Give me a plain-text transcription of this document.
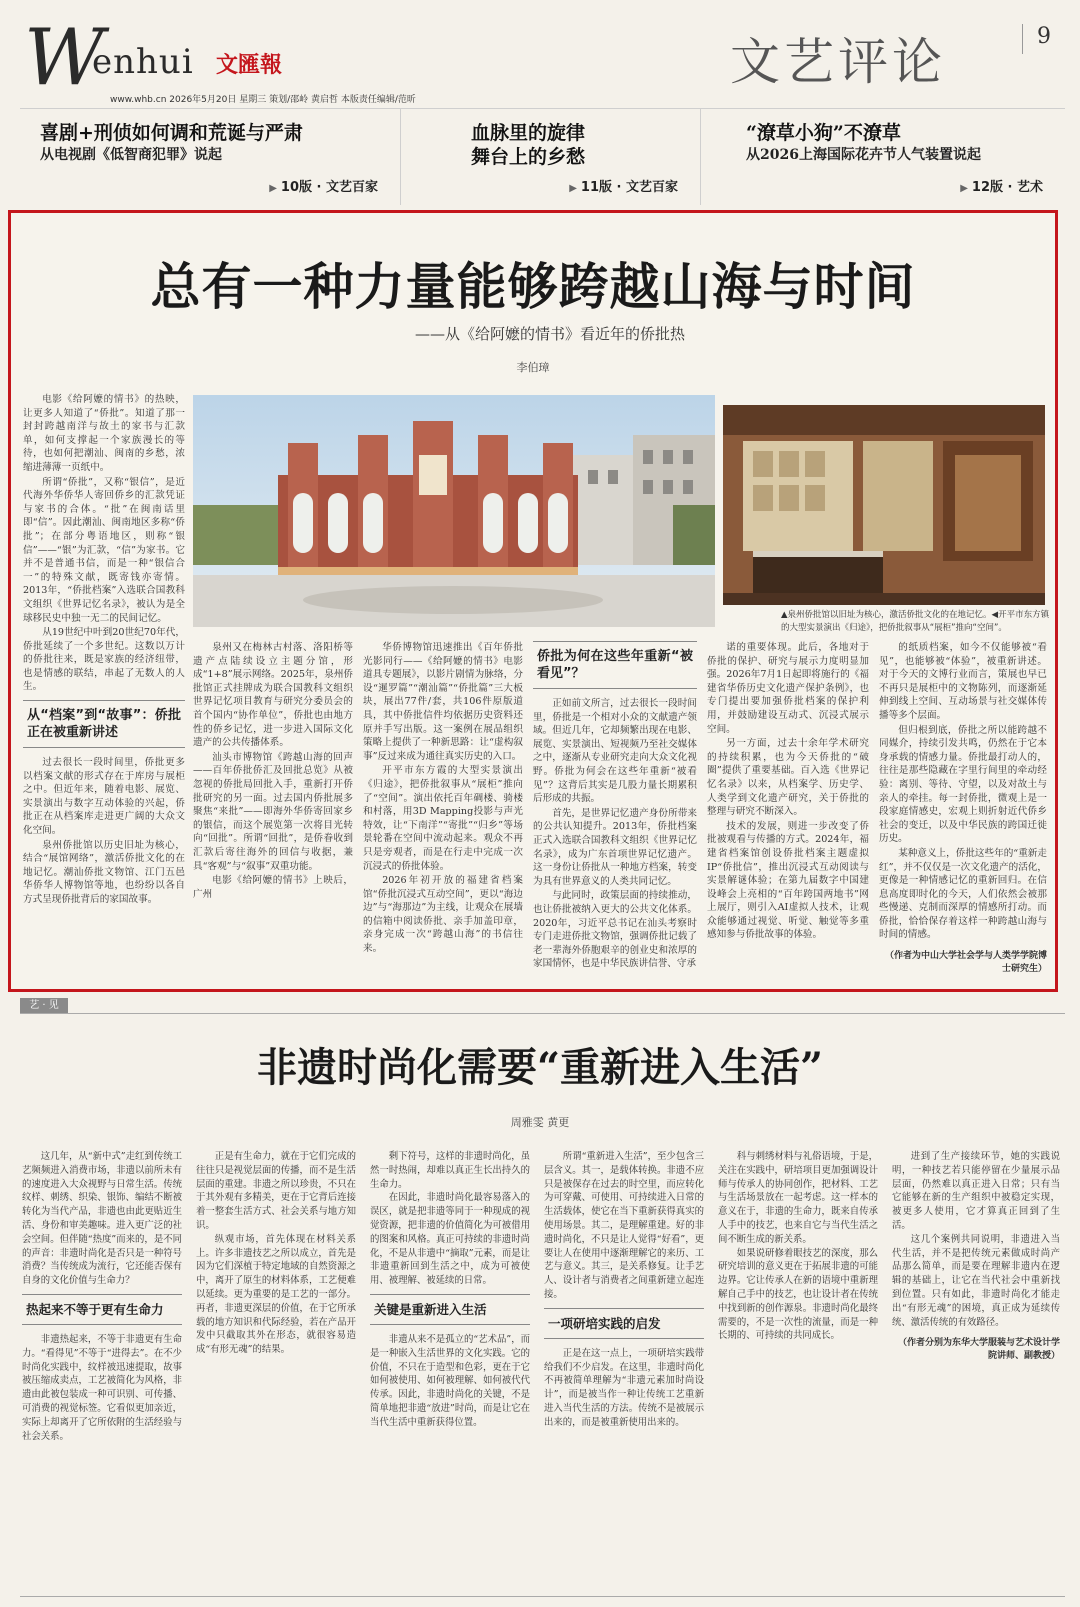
W
enhui 文匯報
www.whb.cn 2026年5月20日 星期三 策划/邵岭 黄启哲 本版责任编辑/范昕
文艺评论	9
喜剧+刑侦如何调和荒诞与严肃
从电视剧《低智商犯罪》说起
▶ 10版 · 文艺百家
血脉里的旋律
舞台上的乡愁
▶ 11版 · 文艺百家
“潦草小狗”不潦草
从2026上海国际花卉节人气装置说起
▶ 12版 · 艺术
总有一种力量能够跨越山海与时间
——从《给阿嬷的情书》看近年的侨批热
李伯璋

电影《给阿嬷的情书》的热映，让更多人知道了“侨批”。知道了那一封封跨越南洋与故土的家书与汇款单，如何支撑起一个家族漫长的等待，也如何把潮汕、闽南的乡愁，浓缩进薄薄一页纸中。

所谓“侨批”，又称“银信”，是近代海外华侨华人寄回侨乡的汇款凭证与家书的合体。“批”在闽南话里即“信”。因此潮汕、闽南地区多称“侨批”；在部分粤语地区，则称“银信”——“银”为汇款，“信”为家书。它并不是普通书信，而是一种“银信合一”的特殊文献，既寄钱亦寄情。2013年，“侨批档案”入选联合国教科文组织《世界记忆名录》，被认为是全球移民史中独一无二的民间记忆。

从19世纪中叶到20世纪70年代，侨批延续了一个多世纪。这数以万计的侨批往来，既是家族的经济纽带，也是情感的联结，串起了无数人的人生。

从“档案”到“故事”：侨批正在被重新讲述

过去很长一段时间里，侨批更多以档案文献的形式存在于库房与展柜之中。但近年来，随着电影、展览、实景演出与数字互动体验的兴起，侨批正在从档案库走进更广阔的大众文化空间。

泉州侨批馆以历史旧址为核心，结合“展馆网络”，激活侨批文化的在地记忆。潮汕侨批文物馆、江门五邑华侨华人博物馆等地，也纷纷以各自方式呈现侨批背后的家国故事。

▲泉州侨批馆以旧址为核心，激活侨批文化的在地记忆。◀开平市东方镇的大型实景演出《归途》，把侨批叙事从“展柜”推向“空间”。

泉州又在梅林古村落、洛阳桥等遗产点陆续设立主题分馆，形成“1+8”展示网络。2025年，泉州侨批馆正式挂牌成为联合国教科文组织世界记忆项目教育与研究分委员会的首个国内“协作单位”，侨批也由地方性的侨乡记忆，进一步进入国际文化遗产的公共传播体系。

汕头市博物馆《跨越山海的回声——百年侨批侨汇及回批总览》从被忽视的侨批局回批入手，重新打开侨批研究的另一面。过去国内侨批展多聚焦“来批”——即海外华侨寄回家乡的银信，而这个展览第一次将目光转向“回批”。所谓“回批”，是侨眷收到汇款后寄往海外的回信与收据，兼具“客观”与“叙事”双重功能。

电影《给阿嬷的情书》上映后，广州

华侨博物馆迅速推出《百年侨批 光影同行——《给阿嬷的情书》电影道具专题展》，以影片剧情为脉络，分设“暹罗篇”“潮汕篇”“侨批篇”三大板块，展出77件/套，共106件原版道具，其中侨批信件均依据历史资料还原并手写出版。这一案例在展品组织策略上提供了一种新思路：让“虚构叙事”反过来成为通往真实历史的入口。

开平市东方霞的大型实景演出《归途》，把侨批叙事从“展柜”推向了“空间”。演出依托百年碉楼、骑楼和村落，用3D Mapping投影与声光特效，让“下南洋”“寄批”“归乡”等场景轮番在空间中流动起来。观众不再只是旁观者，而是在行走中完成一次沉浸式的侨批体验。

2026年初开放的福建省档案馆“侨批沉浸式互动空间”，更以“海边边”与“海那边”为主线，让观众在展墙的信箱中阅读侨批、亲手加盖印章，亲身完成一次“跨越山海”的书信往来。

侨批为何在这些年重新“被看见”？

正如前文所言，过去很长一段时间里，侨批是一个相对小众的文献遗产领域。但近几年，它却频繁出现在电影、展览、实景演出、短视频乃至社交媒体之中，逐渐从专业研究走向大众文化视野。侨批为何会在这些年重新“被看见”？这背后其实是几股力量长期累积后形成的共振。

首先，是世界记忆遗产身份所带来的公共认知提升。2013年，侨批档案正式入选联合国教科文组织《世界记忆名录》，成为广东首项世界记忆遗产。这一身份让侨批从一种地方档案，转变为具有世界意义的人类共同记忆。

与此同时，政策层面的持续推动，也让侨批被纳入更大的公共文化体系。2020年，习近平总书记在汕头考察时专门走进侨批文物馆，强调侨批记载了老一辈海外侨胞艰辛的创业史和浓厚的家国情怀，也是中华民族讲信誉、守承

诺的重要体现。此后，各地对于侨批的保护、研究与展示力度明显加强。2026年7月1日起即将施行的《福建省华侨历史文化遗产保护条例》，也专门提出要加强侨批档案的保护利用，并鼓励建设互动式、沉浸式展示空间。

另一方面，过去十余年学术研究的持续积累，也为今天侨批的“破圈”提供了重要基础。百入选《世界记忆名录》以来，从档案学、历史学、人类学到文化遗产研究，关于侨批的整理与研究不断深入。

技术的发展，则进一步改变了侨批被观看与传播的方式。2024年，福建省档案馆创设侨批档案主题虚拟IP“侨批信”，推出沉浸式互动阅读与实景解谜体验；在第九届数字中国建设峰会上亮相的“百年跨国两地书”网上展厅，则引入AI虚拟人技术，让观众能够通过视觉、听觉、触觉等多重感知参与侨批故事的体验。

的纸质档案，如今不仅能够被“看见”，也能够被“体验”，被重新讲述。对于今天的文博行业而言，策展也早已不再只是展柜中的文物陈列，而逐渐延伸到线上空间、互动场景与社交媒体传播等多个层面。

但归根到底，侨批之所以能跨越不同媒介，持续引发共鸣，仍然在于它本身承载的情感力量。侨批最打动人的，往往是那些隐藏在字里行间里的牵动经验：离别、等待、守望，以及对故土与亲人的牵挂。每一封侨批，微观上是一段家庭情感史，宏观上则折射近代侨乡社会的变迁，以及中华民族的跨国迁徙历史。

某种意义上，侨批这些年的“重新走红”，并不仅仅是一次文化遗产的活化，更像是一种情感记忆的重新回归。在信息高度即时化的今天，人们依然会被那些慢递、克制而深厚的情感所打动。而侨批，恰恰保存着这样一种跨越山海与时间的情感。

（作者为中山大学社会学与人类学学院博士研究生）
艺 · 见
非遗时尚化需要“重新进入生活”
周雅雯 黄更

这几年，从“新中式”走红到传统工艺频频进入消费市场，非遗以前所未有的速度进入大众视野与日常生活。传统纹样、刺绣、织染、银饰、编结不断被转化为当代产品，非遗也由此更贴近生活、身份和审美趣味。进入更广泛的社会空间。但伴随“热度”而来的，是不同的声音：非遗时尚化是否只是一种符号消费？当传统成为流行，它还能否保有自身的文化价值与生命力？

热起来不等于更有生命力

非遗热起来，不等于非遗更有生命力。“看得见”不等于“进得去”。在不少时尚化实践中，纹样被迅速提取，故事被压缩成卖点，工艺被简化为风格，非遗由此被包装成一种可识别、可传播、可消费的视觉标签。它看似更加亲近，实际上却离开了它所依附的生活经验与社会关系。

正是有生命力，就在于它们完成的往往只是视觉层面的传播，而不是生活层面的重建。非遗之所以珍贵，不只在于其外观有多精美，更在于它背后连接着一整套生活方式、社会关系与地方知识。

纵观市场，首先体现在材料关系上。许多非遗技艺之所以成立，首先是因为它们深植于特定地域的自然资源之中，离开了原生的材料体系，工艺便难以延续。更为重要的是工艺的一部分。再者，非遗更深层的价值，在于它所承载的地方知识和代际经验，若在产品开发中只截取其外在形态，就很容易造成“有形无魂”的结果。

剩下符号，这样的非遗时尚化，虽然一时热闹，却难以真正生长出持久的生命力。

在因此，非遗时尚化最容易落入的误区，就是把非遗等同于一种现成的视觉资源，把非遗的价值简化为可被借用的图案和风格。真正可持续的非遗时尚化，不是从非遗中“摘取”元素，而是让非遗重新回到生活之中，成为可被使用、被理解、被延续的日常。

关键是重新进入生活

非遗从来不是孤立的“艺术品”，而是一种嵌入生活世界的文化实践。它的价值，不只在于造型和色彩，更在于它如何被使用、如何被理解、如何被代代传承。因此，非遗时尚化的关键，不是简单地把非遗“放进”时尚，而是让它在当代生活中重新获得位置。

所谓“重新进入生活”，至少包含三层含义。其一，是载体转换。非遗不应只是被保存在过去的时空里，而应转化为可穿戴、可使用、可持续进入日常的生活载体，使它在当下重新获得真实的使用场景。其二，是理解重建。好的非遗时尚化，不只是让人觉得“好看”，更要让人在使用中逐渐理解它的来历、工艺与意义。其三，是关系修复。让手艺人、设计者与消费者之间重新建立起连接。

一项研培实践的启发

正是在这一点上，一项研培实践带给我们不少启发。在这里，非遗时尚化不再被简单理解为“非遗元素加时尚设计”，而是被当作一种让传统工艺重新进入当代生活的方法。传统不是被展示出来的，而是被重新使用出来的。

科与刺绣材料与礼俗语境，于是，关注在实践中，研培项目更加强调设计师与传承人的协同创作，把材料、工艺与生活场景放在一起考虑。这一样本的意义在于，非遗的生命力，既来自传承人手中的技艺，也来自它与当代生活之间不断生成的新关系。

如果说研修着眼技艺的深度，那么研究培训的意义更在于拓展非遗的可能边界。它让传承人在新的语境中重新理解自己手中的技艺，也让设计者在传统中找到新的创作源泉。非遗时尚化最终需要的，不是一次性的流量，而是一种长期的、可持续的共同成长。

进到了生产接续环节，她的实践说明，一种技艺若只能停留在少量展示品层面，仍然难以真正进入日常；只有当它能够在新的生产组织中被稳定实现，被更多人使用，它才算真正回到了生活。

这几个案例共同说明，非遗进入当代生活，并不是把传统元素做成时尚产品那么简单，而是要在理解非遗内在逻辑的基础上，让它在当代社会中重新找到位置。只有如此，非遗时尚化才能走出“有形无魂”的困境，真正成为延续传统、激活传统的有效路径。

（作者分别为东华大学服装与艺术设计学院讲师、副教授）
